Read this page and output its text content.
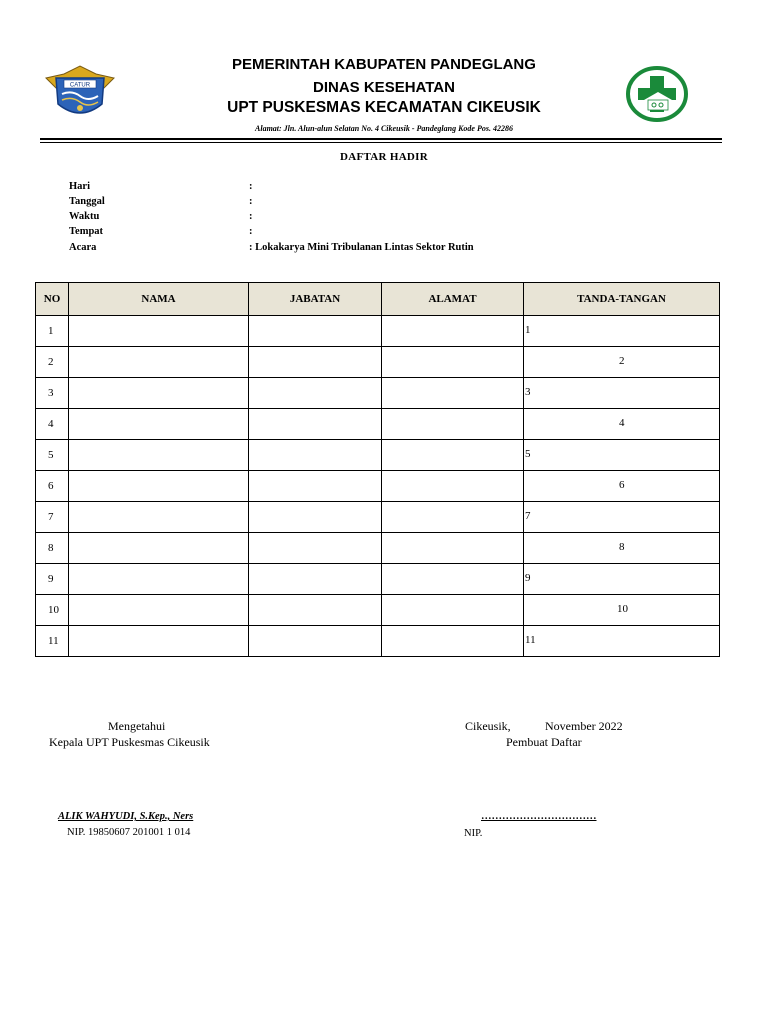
CATUR
PEMERINTAH KABUPATEN PANDEGLANG
DINAS KESEHATAN
UPT PUSKESMAS KECAMATAN CIKEUSIK
Alamat: Jln. Alun-alun Selatan No. 4 Cikeusik - Pandeglang Kode Pos. 42286
DAFTAR HADIR
Hari	:
Tanggal	:
Waktu	:
Tempat	:
Acara	: Lokakarya Mini Tribulanan Lintas Sektor Rutin
NO	NAMA	JABATAN	ALAMAT	TANDA-TANGAN
1				1

2				2

3				3

4				4

5				5

6				6

7				7

8				8

9				9

10				10

11				11
Mengetahui
Kepala UPT Puskesmas Cikeusik
ALIK WAHYUDI, S.Kep., Ners
NIP. 19850607 201001 1 014
Cikeusik,	November 2022
Pembuat Daftar
……………………………
NIP.
